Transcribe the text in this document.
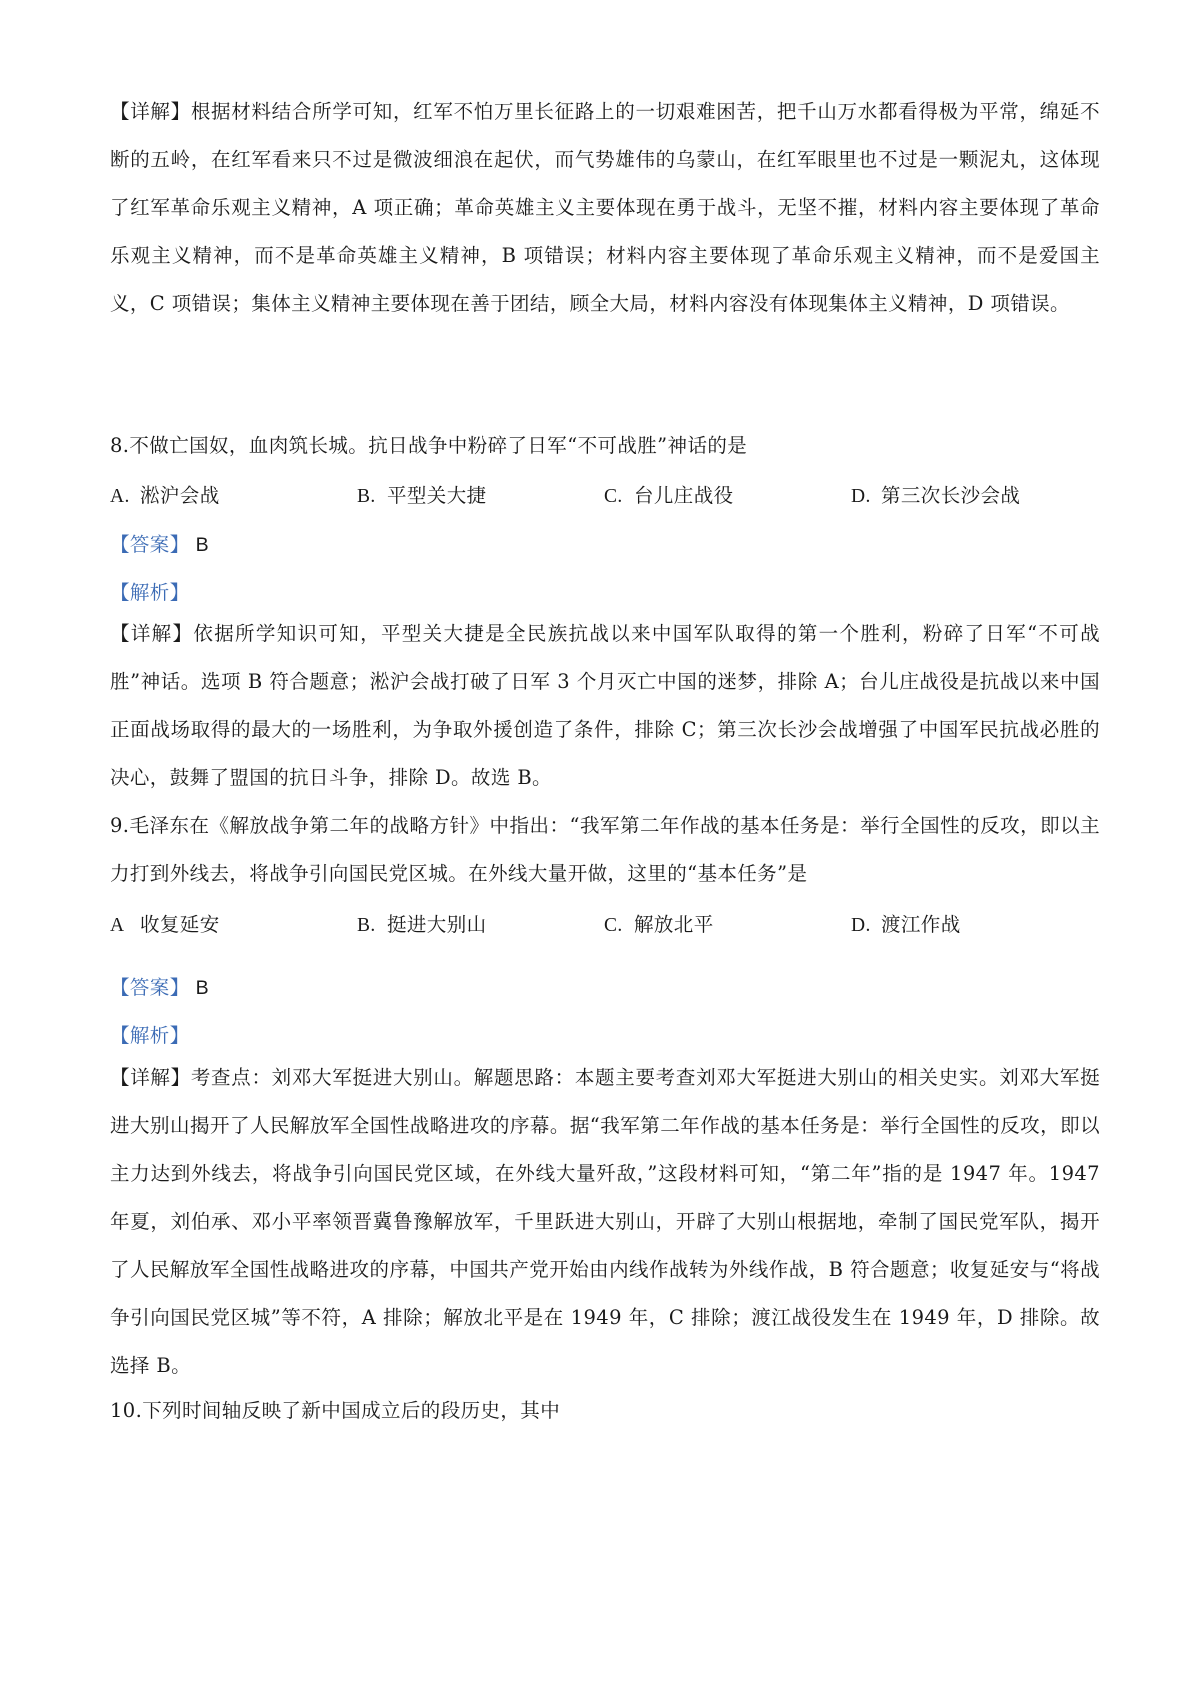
【详解】根据材料结合所学可知，红军不怕万里长征路上的一切艰难困苦，把千山万水都看得极为平常，绵延不断的五岭，在红军看来只不过是微波细浪在起伏，而气势雄伟的乌蒙山，在红军眼里也不过是一颗泥丸，这体现了红军革命乐观主义精神，A 项正确；革命英雄主义主要体现在勇于战斗，无坚不摧，材料内容主要体现了革命乐观主义精神，而不是革命英雄主义精神，B 项错误；材料内容主要体现了革命乐观主义精神，而不是爱国主义，C 项错误；集体主义精神主要体现在善于团结，顾全大局，材料内容没有体现集体主义精神，D 项错误。
8.不做亡国奴，血肉筑长城。抗日战争中粉碎了日军“不可战胜”神话的是
A. 淞沪会战	B. 平型关大捷	C. 台儿庄战役	D. 第三次长沙会战
【答案】 B
【解析】
【详解】依据所学知识可知，平型关大捷是全民族抗战以来中国军队取得的第一个胜利，粉碎了日军“不可战胜”神话。选项 B 符合题意；淞沪会战打破了日军 3 个月灭亡中国的迷梦，排除 A；台儿庄战役是抗战以来中国正面战场取得的最大的一场胜利，为争取外援创造了条件，排除 C；第三次长沙会战增强了中国军民抗战必胜的决心，鼓舞了盟国的抗日斗争，排除 D。故选 B。
9.毛泽东在《解放战争第二年的战略方针》中指出：“我军第二年作战的基本任务是：举行全国性的反攻，即以主力打到外线去，将战争引向国民党区城。在外线大量开做，这里的“基本任务”是
A 收复延安	B. 挺进大别山	C. 解放北平	D. 渡江作战
【答案】 B
【解析】
【详解】考查点：刘邓大军挺进大别山。解题思路：本题主要考查刘邓大军挺进大别山的相关史实。刘邓大军挺进大别山揭开了人民解放军全国性战略进攻的序幕。据“我军第二年作战的基本任务是：举行全国性的反攻，即以主力达到外线去，将战争引向国民党区域，在外线大量歼敌，”这段材料可知，“第二年”指的是 1947 年。1947 年夏，刘伯承、邓小平率领晋冀鲁豫解放军，千里跃进大别山，开辟了大别山根据地，牵制了国民党军队，揭开了人民解放军全国性战略进攻的序幕，中国共产党开始由内线作战转为外线作战，B 符合题意；收复延安与“将战争引向国民党区城”等不符，A 排除；解放北平是在 1949 年，C 排除；渡江战役发生在 1949 年，D 排除。故选择 B。
10.下列时间轴反映了新中国成立后的段历史，其中
